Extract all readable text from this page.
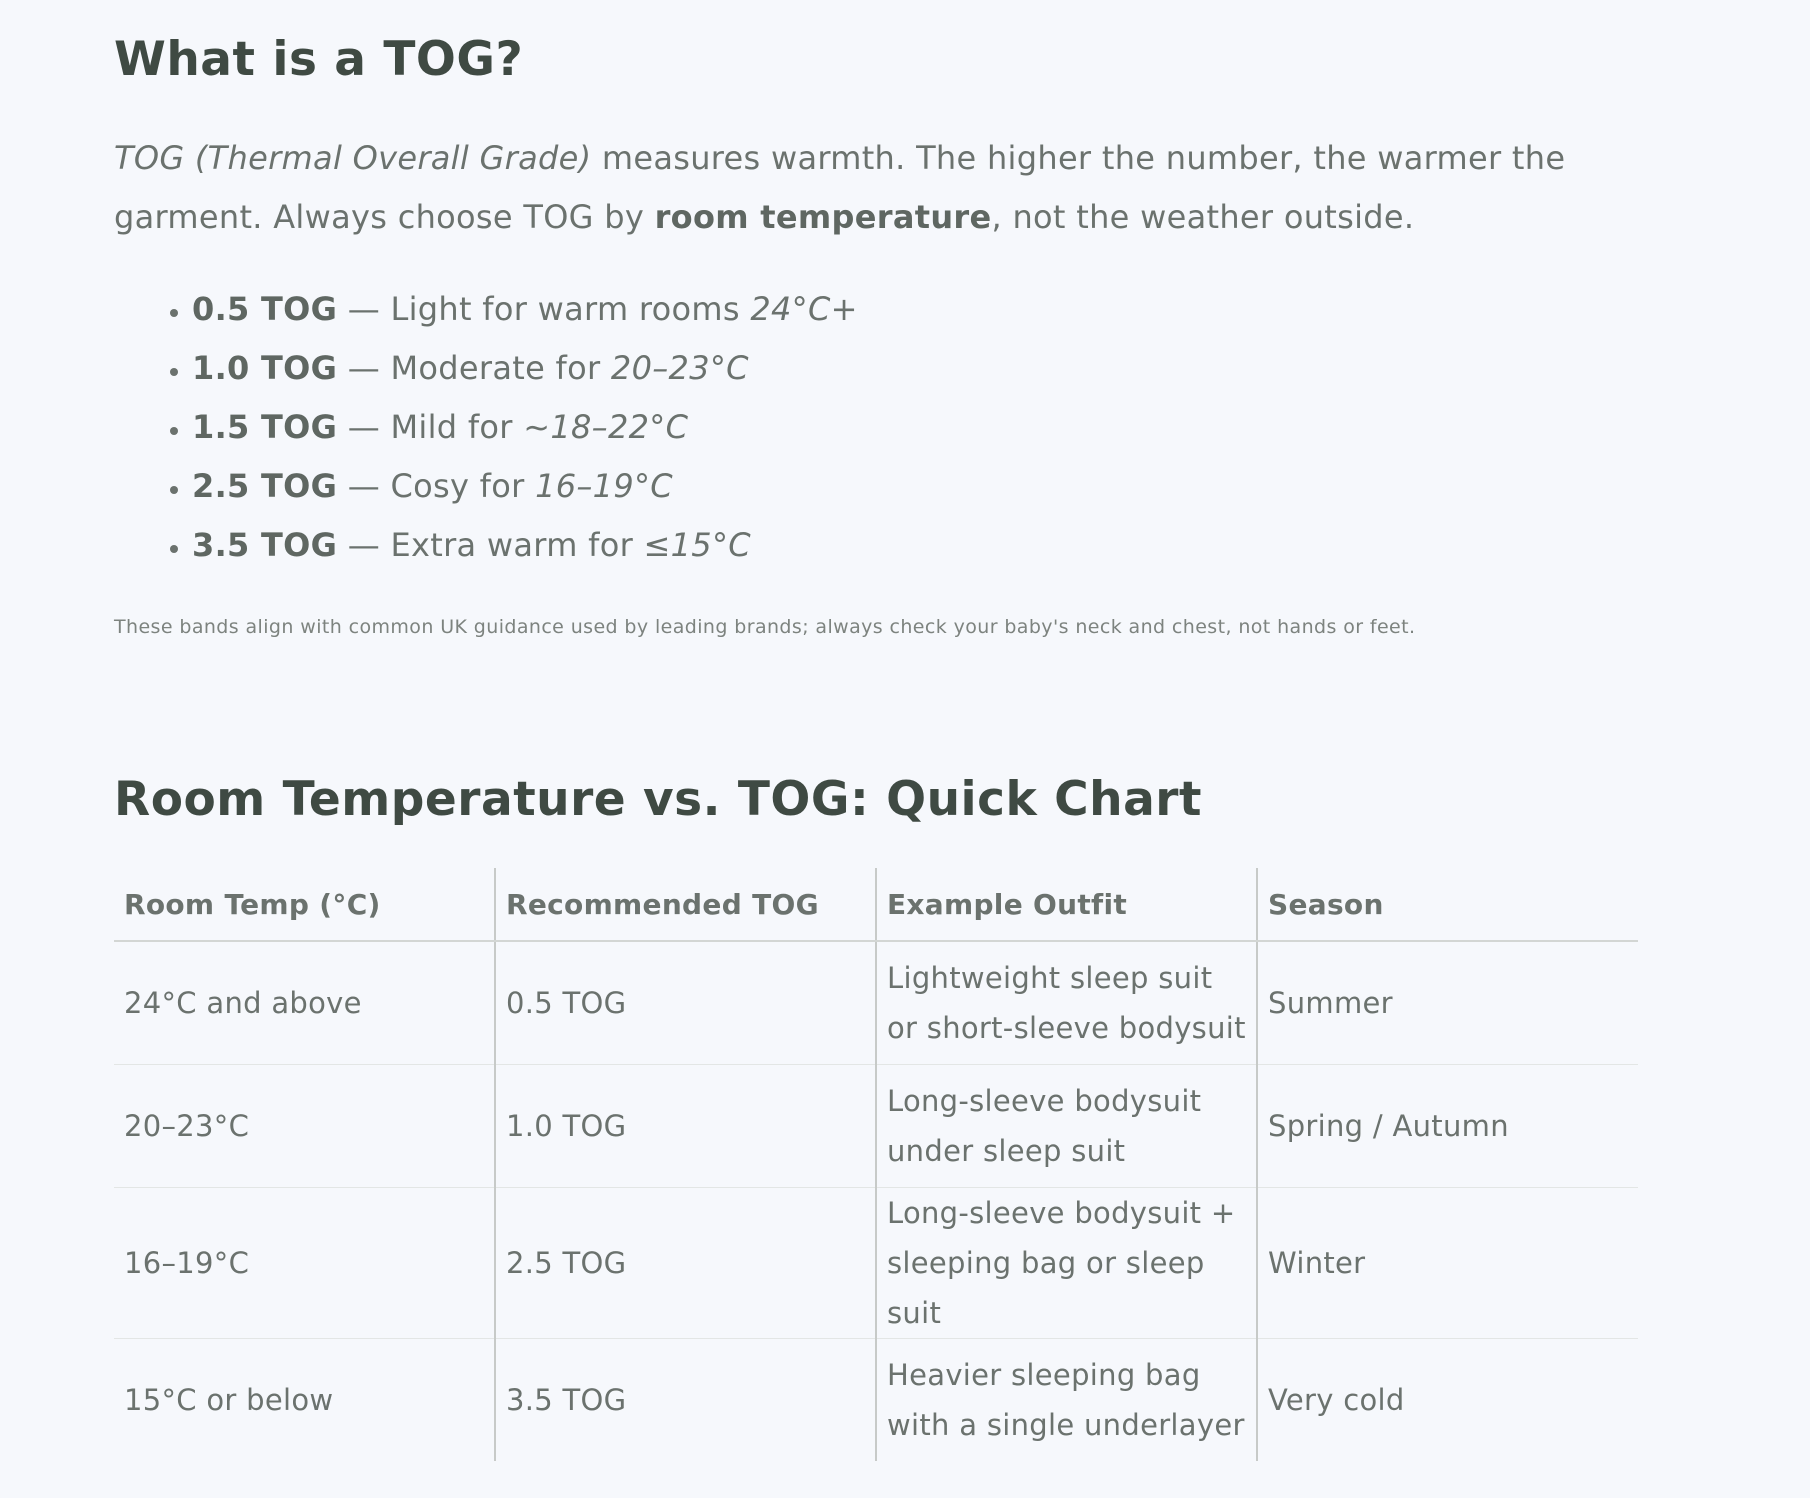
What is a TOG?

TOG (Thermal Overall Grade) measures warmth. The higher the number, the warmer the garment. Always choose TOG by room temperature, not the weather outside.

• 0.5 TOG — Light for warm rooms 24°C+
• 1.0 TOG — Moderate for 20–23°C
• 1.5 TOG — Mild for ~18–22°C
• 2.5 TOG — Cosy for 16–19°C
• 3.5 TOG — Extra warm for ≤15°C

These bands align with common UK guidance used by leading brands; always check your baby's neck and chest, not hands or feet.

Room Temperature vs. TOG: Quick Chart
Room Temp (°C)	Recommended TOG	Example Outfit	Season
24°C and above	0.5 TOG	Lightweight sleep suit or short-sleeve bodysuit	Summer
20–23°C	1.0 TOG	Long-sleeve bodysuit under sleep suit	Spring / Autumn
16–19°C	2.5 TOG	Long-sleeve bodysuit + sleeping bag or sleep suit	Winter
15°C or below	3.5 TOG	Heavier sleeping bag with a single underlayer	Very cold
